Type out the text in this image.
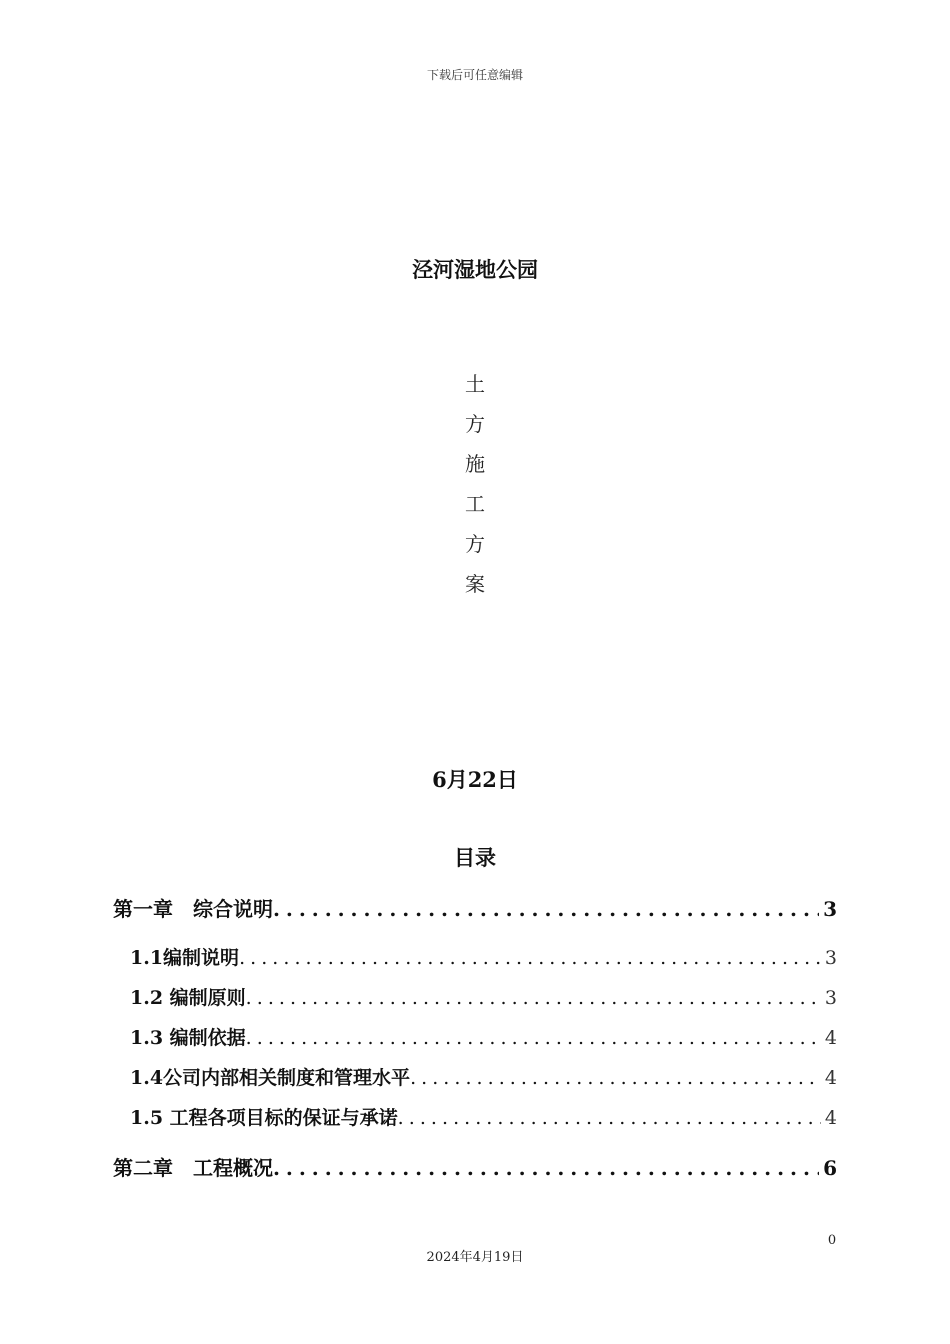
下载后可任意编辑
泾河湿地公园
土
方
施
工
方
案
6月22日
目录
第一章　综合说明 . . .	3
1.1编制说明 . . .	3
1.2 编制原则 . . .	3
1.3 编制依据 . . .	4
1.4公司内部相关制度和管理水平 . . .	4
1.5 工程各项目标的保证与承诺 . . .	4
第二章　工程概况 . . .	6
0
2024年4月19日
